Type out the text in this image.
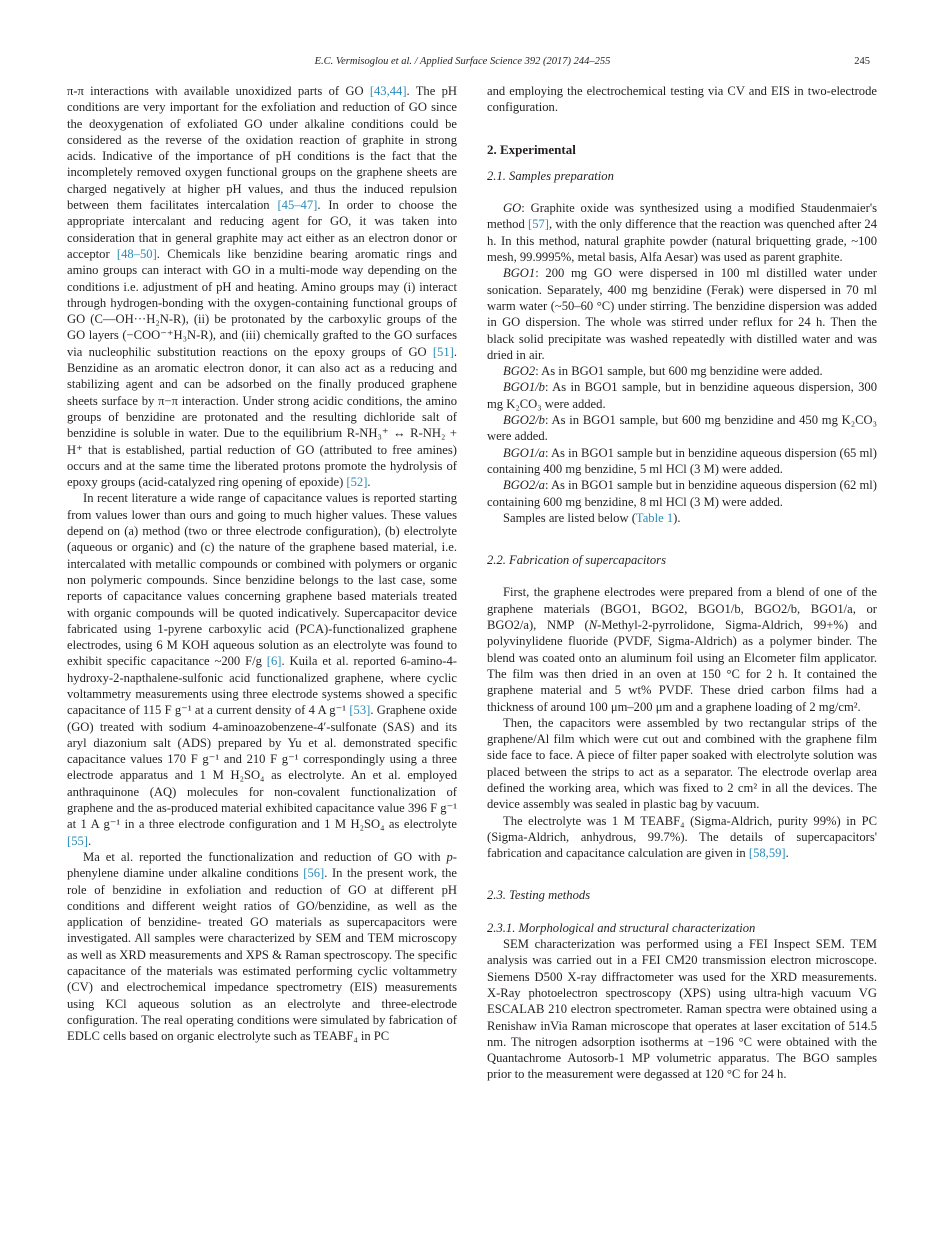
E.C. Vermisoglou et al. / Applied Surface Science 392 (2017) 244–255	245

π-π interactions with available unoxidized parts of GO [43,44]. The pH conditions are very important for the exfoliation and reduction of GO since the deoxygenation of exfoliated GO under alkaline conditions could be considered as the reverse of the oxidation reaction of graphite in strong acids. Indicative of the importance of pH conditions is the fact that the incompletely removed oxygen functional groups on the graphene sheets are charged negatively at higher pH values, and thus the induced repulsion between them facilitates intercalation [45–47]. In order to choose the appropriate intercalant and reducing agent for GO, it was taken into consideration that in general graphite may act either as an electron donor or acceptor [48–50]. Chemicals like benzidine bearing aromatic rings and amino groups can interact with GO in a multi-mode way depending on the conditions i.e. adjustment of pH and heating. Amino groups may (i) interact through hydrogen-bonding with the oxygen-containing functional groups of GO (C—OH···H₂N-R), (ii) be protonated by the carboxylic groups of the GO layers (−COO⁻⁺H₃N-R), and (iii) chemically grafted to the GO surfaces via nucleophilic substitution reactions on the epoxy groups of GO [51]. Benzidine as an aromatic electron donor, it can also act as a reducing and stabilizing agent and can be adsorbed on the finally produced graphene sheets surface by π−π interaction. Under strong acidic conditions, the amino groups of benzidine are protonated and the resulting dichloride salt of benzidine is soluble in water. Due to the equilibrium R-NH₃⁺ ↔ R-NH₂ + H⁺ that is established, partial reduction of GO (attributed to free amines) occurs and at the same time the liberated protons promote the hydrolysis of epoxy groups (acid-catalyzed ring opening of epoxide) [52].

In recent literature a wide range of capacitance values is reported starting from values lower than ours and going to much higher values. These values depend on (a) method (two or three electrode configuration), (b) electrolyte (aqueous or organic) and (c) the nature of the graphene based material, i.e. intercalated with metallic compounds or combined with polymers or organic non polymeric compounds. Since benzidine belongs to the last case, some reports of capacitance values concerning graphene based materials treated with organic compounds will be quoted indicatively. Supercapacitor device fabricated using 1-pyrene carboxylic acid (PCA)-functionalized graphene electrodes, using 6 M KOH aqueous solution as an electrolyte was found to exhibit specific capacitance ~200 F/g [6]. Kuila et al. reported 6-amino-4-hydroxy-2-napthalene-sulfonic acid functionalized graphene, where cyclic voltammetry measurements using three electrode systems showed a specific capacitance of 115 F g⁻¹ at a current density of 4 A g⁻¹ [53]. Graphene oxide (GO) treated with sodium 4-aminoazobenzene-4′-sulfonate (SAS) and its aryl diazonium salt (ADS) prepared by Yu et al. demonstrated specific capacitance values 170 F g⁻¹ and 210 F g⁻¹ correspondingly using a three electrode apparatus and 1 M H₂SO₄ as electrolyte. An et al. employed anthraquinone (AQ) molecules for non-covalent functionalization of graphene and the as-produced material exhibited capacitance value 396 F g⁻¹ at 1 A g⁻¹ in a three electrode configuration and 1 M H₂SO₄ as electrolyte [55].

Ma et al. reported the functionalization and reduction of GO with p-phenylene diamine under alkaline conditions [56]. In the present work, the role of benzidine in exfoliation and reduction of GO at different pH conditions and different weight ratios of GO/benzidine, as well as the application of benzidine- treated GO materials as supercapacitors were investigated. All samples were characterized by SEM and TEM microscopy as well as XRD measurements and XPS & Raman spectroscopy. The specific capacitance of the materials was estimated performing cyclic voltammetry (CV) and electrochemical impedance spectrometry (EIS) measurements using KCl aqueous solution as an electrolyte and three-electrode configuration. The real operating conditions were simulated by fabrication of EDLC cells based on organic electrolyte such as TEABF₄ in PC

and employing the electrochemical testing via CV and EIS in two-electrode configuration.

2. Experimental

2.1. Samples preparation

GO: Graphite oxide was synthesized using a modified Staudenmaier's method [57], with the only difference that the reaction was quenched after 24 h. In this method, natural graphite powder (natural briquetting grade, ~100 mesh, 99.9995%, metal basis, Alfa Aesar) was used as parent graphite.

BGO1: 200 mg GO were dispersed in 100 ml distilled water under sonication. Separately, 400 mg benzidine (Ferak) were dispersed in 70 ml warm water (~50–60 °C) under stirring. The benzidine dispersion was added in GO dispersion. The whole was stirred under reflux for 24 h. Then the black solid precipitate was washed repeatedly with distilled water and was dried in air.

BGO2: As in BGO1 sample, but 600 mg benzidine were added.

BGO1/b: As in BGO1 sample, but in benzidine aqueous dispersion, 300 mg K₂CO₃ were added.

BGO2/b: As in BGO1 sample, but 600 mg benzidine and 450 mg K₂CO₃ were added.

BGO1/a: As in BGO1 sample but in benzidine aqueous dispersion (65 ml) containing 400 mg benzidine, 5 ml HCl (3 M) were added.

BGO2/a: As in BGO1 sample but in benzidine aqueous dispersion (62 ml) containing 600 mg benzidine, 8 ml HCl (3 M) were added.

Samples are listed below (Table 1).

2.2. Fabrication of supercapacitors

First, the graphene electrodes were prepared from a blend of one of the graphene materials (BGO1, BGO2, BGO1/b, BGO2/b, BGO1/a, or BGO2/a), NMP (N-Methyl-2-pyrrolidone, Sigma-Aldrich, 99+%) and polyvinylidene fluoride (PVDF, Sigma-Aldrich) as a polymer binder. The blend was coated onto an aluminum foil using an Elcometer film applicator. The film was then dried in an oven at 150 °C for 2 h. It contained the graphene material and 5 wt% PVDF. These dried carbon films had a thickness of around 100 μm–200 μm and a graphene loading of 2 mg/cm².

Then, the capacitors were assembled by two rectangular strips of the graphene/Al film which were cut out and combined with the graphene film side face to face. A piece of filter paper soaked with electrolyte solution was placed between the strips to act as a separator. The electrode overlap area defined the working area, which was fixed to 2 cm² in all the devices. The device assembly was sealed in plastic bag by vacuum.

The electrolyte was 1 M TEABF₄ (Sigma-Aldrich, purity 99%) in PC (Sigma-Aldrich, anhydrous, 99.7%). The details of supercapacitors' fabrication and capacitance calculation are given in [58,59].

2.3. Testing methods

2.3.1. Morphological and structural characterization

SEM characterization was performed using a FEI Inspect SEM. TEM analysis was carried out in a FEI CM20 transmission electron microscope. Siemens D500 X-ray diffractometer was used for the XRD measurements. X-Ray photoelectron spectroscopy (XPS) using ultra-high vacuum VG ESCALAB 210 electron spectrometer. Raman spectra were obtained using a Renishaw inVia Raman microscope that operates at laser excitation of 514.5 nm. The nitrogen adsorption isotherms at −196 °C were obtained with the Quantachrome Autosorb-1 MP volumetric apparatus. The BGO samples prior to the measurement were degassed at 120 °C for 24 h.
